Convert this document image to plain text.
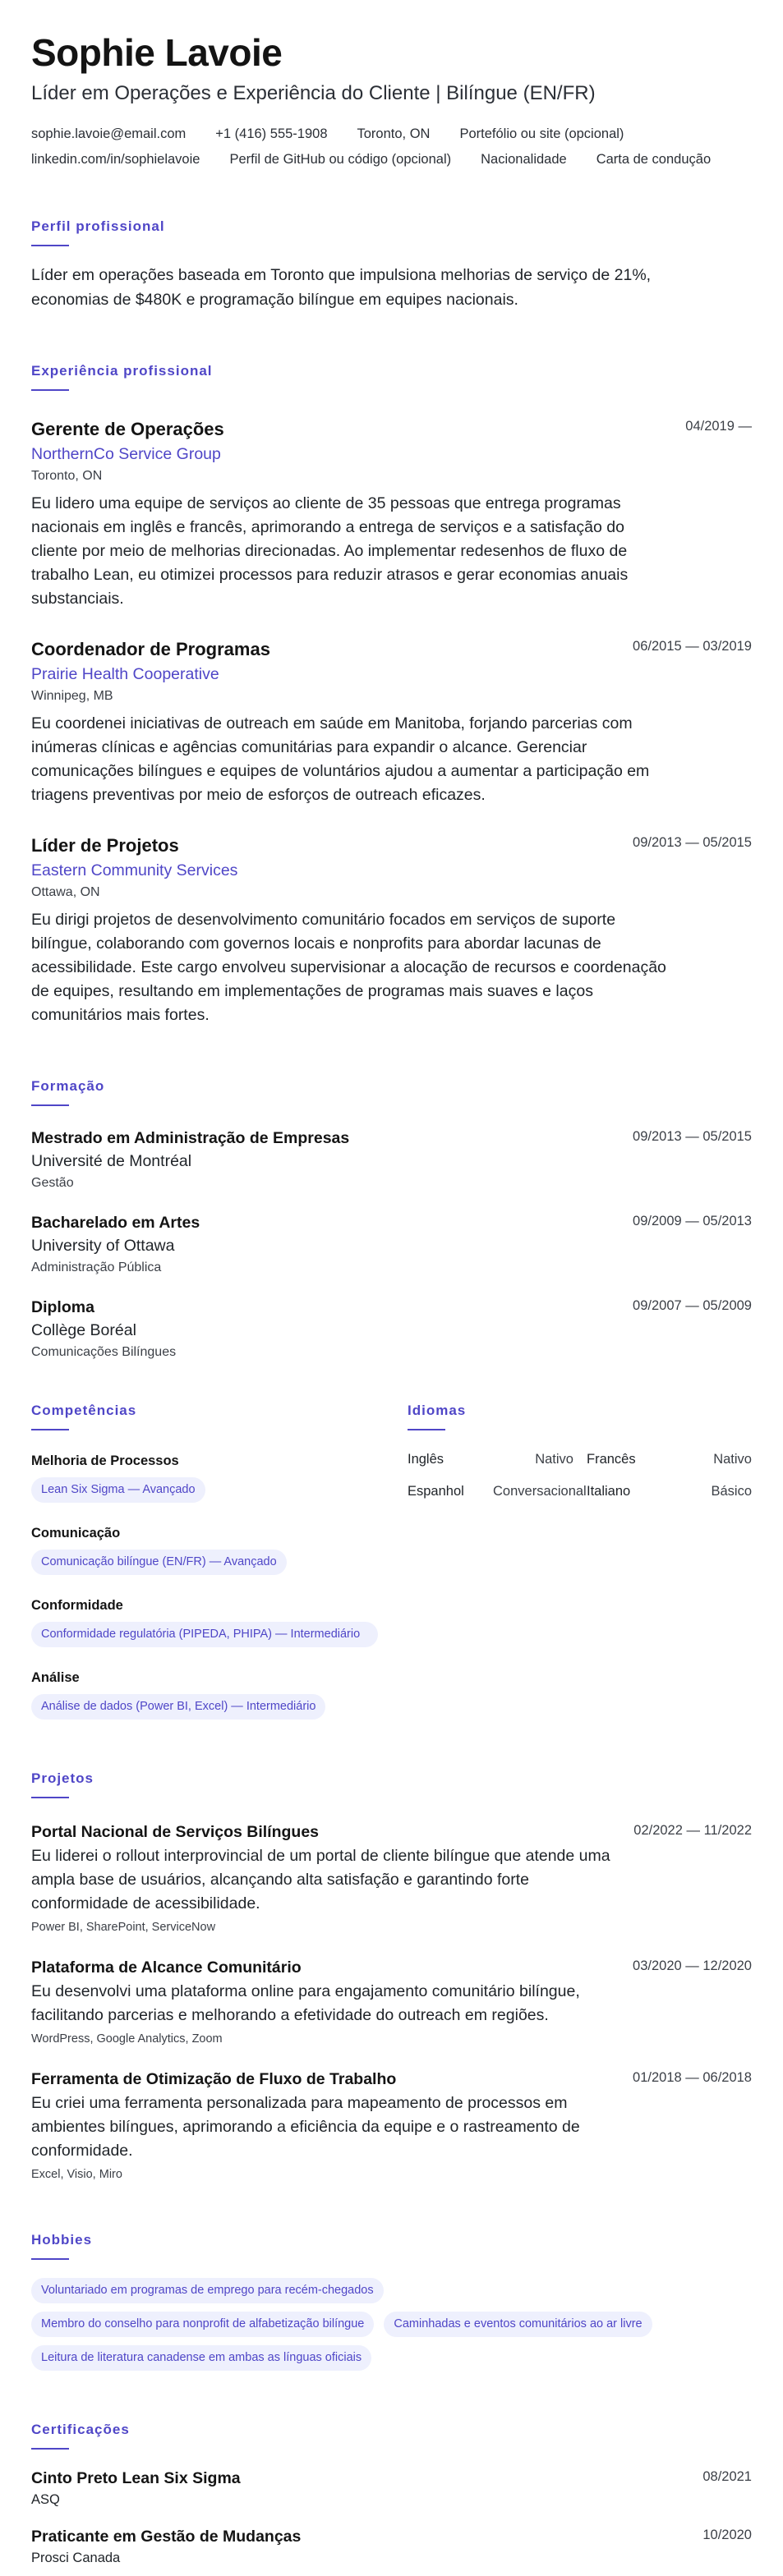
Sophie Lavoie
Líder em Operações e Experiência do Cliente | Bilíngue (EN/FR)
sophie.lavoie@email.com +1 (416) 555-1908 Toronto, ON Portefólio ou site (opcional)
linkedin.com/in/sophielavoie Perfil de GitHub ou código (opcional) Nacionalidade Carta de condução
Perfil profissional
Líder em operações baseada em Toronto que impulsiona melhorias de serviço de 21%, economias de $480K e programação bilíngue em equipes nacionais.
Experiência profissional
Gerente de Operações	04/2019 —
NorthernCo Service Group
Toronto, ON
Eu lidero uma equipe de serviços ao cliente de 35 pessoas que entrega programas nacionais em inglês e francês, aprimorando a entrega de serviços e a satisfação do cliente por meio de melhorias direcionadas. Ao implementar redesenhos de fluxo de trabalho Lean, eu otimizei processos para reduzir atrasos e gerar economias anuais substanciais.
Coordenador de Programas	06/2015 — 03/2019
Prairie Health Cooperative
Winnipeg, MB
Eu coordenei iniciativas de outreach em saúde em Manitoba, forjando parcerias com inúmeras clínicas e agências comunitárias para expandir o alcance. Gerenciar comunicações bilíngues e equipes de voluntários ajudou a aumentar a participação em triagens preventivas por meio de esforços de outreach eficazes.
Líder de Projetos	09/2013 — 05/2015
Eastern Community Services
Ottawa, ON
Eu dirigi projetos de desenvolvimento comunitário focados em serviços de suporte bilíngue, colaborando com governos locais e nonprofits para abordar lacunas de acessibilidade. Este cargo envolveu supervisionar a alocação de recursos e coordenação de equipes, resultando em implementações de programas mais suaves e laços comunitários mais fortes.
Formação
Mestrado em Administração de Empresas	09/2013 — 05/2015
Université de Montréal
Gestão
Bacharelado em Artes	09/2009 — 05/2013
University of Ottawa
Administração Pública
Diploma	09/2007 — 05/2009
Collège Boréal
Comunicações Bilíngues
Competências
Melhoria de Processos
Lean Six Sigma — Avançado
Comunicação
Comunicação bilíngue (EN/FR) — Avançado
Conformidade
Conformidade regulatória (PIPEDA, PHIPA) — Intermediário
Análise
Análise de dados (Power BI, Excel) — Intermediário
Idiomas
Inglês	Nativo Francês	Nativo
Espanhol	Conversacional Italiano	Básico
Projetos
Portal Nacional de Serviços Bilíngues	02/2022 — 11/2022
Eu liderei o rollout interprovincial de um portal de cliente bilíngue que atende uma ampla base de usuários, alcançando alta satisfação e garantindo forte conformidade de acessibilidade.
Power BI, SharePoint, ServiceNow
Plataforma de Alcance Comunitário	03/2020 — 12/2020
Eu desenvolvi uma plataforma online para engajamento comunitário bilíngue, facilitando parcerias e melhorando a efetividade do outreach em regiões.
WordPress, Google Analytics, Zoom
Ferramenta de Otimização de Fluxo de Trabalho	01/2018 — 06/2018
Eu criei uma ferramenta personalizada para mapeamento de processos em ambientes bilíngues, aprimorando a eficiência da equipe e o rastreamento de conformidade.
Excel, Visio, Miro
Hobbies
Voluntariado em programas de emprego para recém-chegados
Membro do conselho para nonprofit de alfabetização bilíngue	Caminhadas e eventos comunitários ao ar livre
Leitura de literatura canadense em ambas as línguas oficiais
Certificações
Cinto Preto Lean Six Sigma	08/2021
ASQ
Praticante em Gestão de Mudanças	10/2020
Prosci Canada
